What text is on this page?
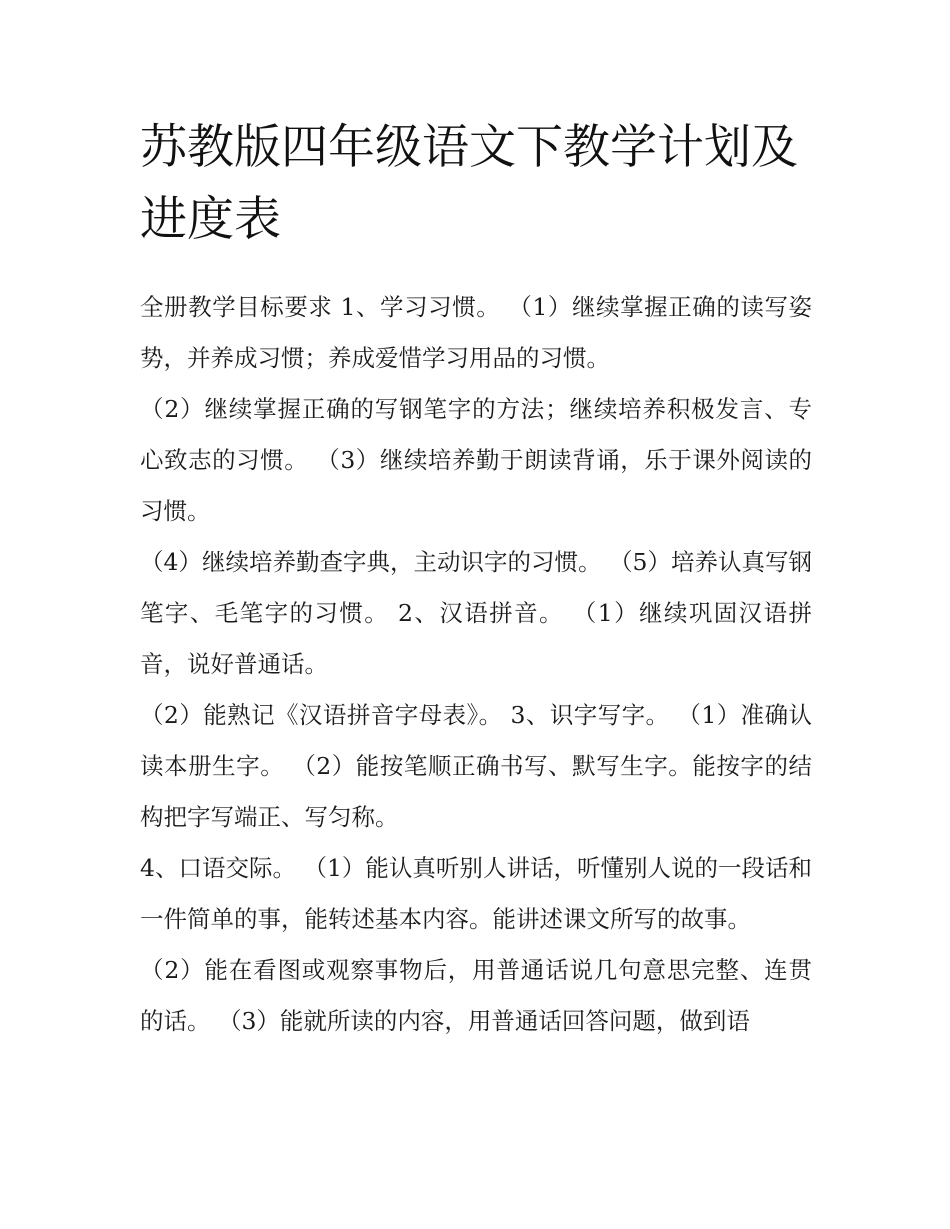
苏教版四年级语文下教学计划及进度表

全册教学目标要求 1、学习习惯。 （1）继续掌握正确的读写姿势，并养成习惯；养成爱惜学习用品的习惯。

（2）继续掌握正确的写钢笔字的方法；继续培养积极发言、专心致志的习惯。 （3）继续培养勤于朗读背诵，乐于课外阅读的习惯。

（4）继续培养勤查字典，主动识字的习惯。 （5）培养认真写钢笔字、毛笔字的习惯。 2、汉语拼音。 （1）继续巩固汉语拼音，说好普通话。

（2）能熟记《汉语拼音字母表》。 3、识字写字。 （1）准确认读本册生字。 （2）能按笔顺正确书写、默写生字。能按字的结构把字写端正、写匀称。

4、口语交际。 （1）能认真听别人讲话，听懂别人说的一段话和一件简单的事，能转述基本内容。能讲述课文所写的故事。

（2）能在看图或观察事物后，用普通话说几句意思完整、连贯的话。 （3）能就所读的内容，用普通话回答问题，做到语
